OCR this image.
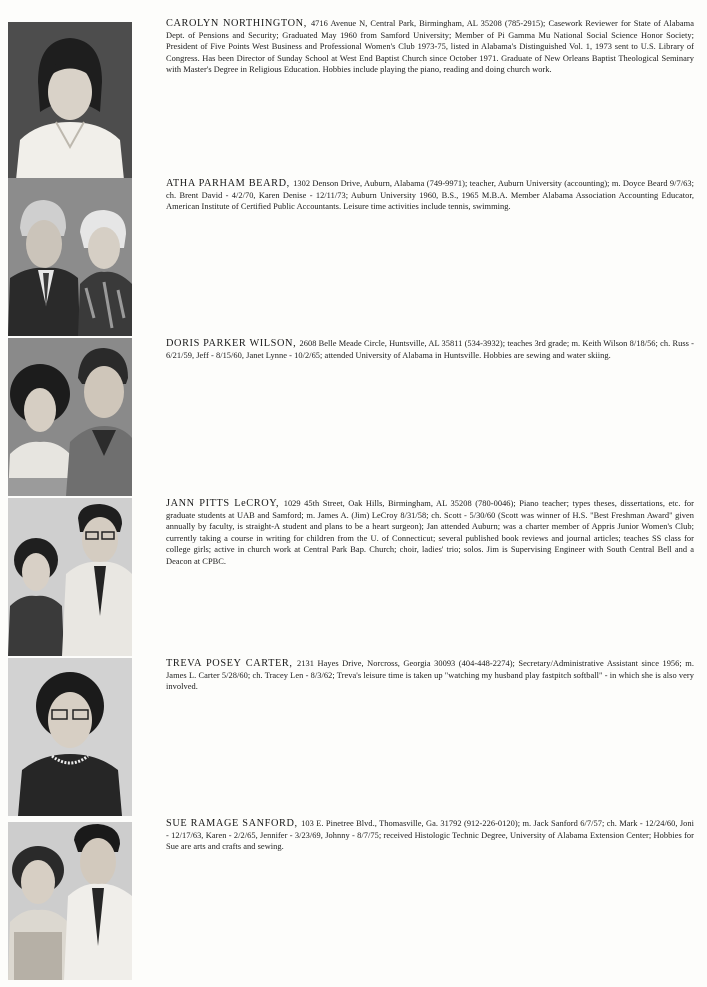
CAROLYN NORTHINGTON, 4716 Avenue N, Central Park, Birmingham, AL 35208 (785-2915); Casework Reviewer for State of Alabama Dept. of Pensions and Security; Graduated May 1960 from Samford University; Member of Pi Gamma Mu National Social Science Honor Society; President of Five Points West Business and Professional Women's Club 1973-75, listed in Alabama's Distinguished Vol. 1, 1973 sent to U.S. Library of Congress. Has been Director of Sunday School at West End Baptist Church since October 1971. Graduate of New Orleans Baptist Theological Seminary with Master's Degree in Religious Education. Hobbies include playing the piano, reading and doing church work.
ATHA PARHAM BEARD, 1302 Denson Drive, Auburn, Alabama (749-9971); teacher, Auburn University (accounting); m. Doyce Beard 9/7/63; ch. Brent David - 4/2/70, Karen Denise - 12/11/73; Auburn University 1960, B.S., 1965 M.B.A. Member Alabama Association Accounting Educator, American Institute of Certified Public Accountants. Leisure time activities include tennis, swimming.
DORIS PARKER WILSON, 2608 Belle Meade Circle, Huntsville, AL 35811 (534-3932); teaches 3rd grade; m. Keith Wilson 8/18/56; ch. Russ - 6/21/59, Jeff - 8/15/60, Janet Lynne - 10/2/65; attended University of Alabama in Huntsville. Hobbies are sewing and water skiing.
JANN PITTS LeCROY, 1029 45th Street, Oak Hills, Birmingham, AL 35208 (780-0046); Piano teacher; types theses, dissertations, etc. for graduate students at UAB and Samford; m. James A. (Jim) LeCroy 8/31/58; ch. Scott - 5/30/60 (Scott was winner of H.S. "Best Freshman Award" given annually by faculty, is straight-A student and plans to be a heart surgeon); Jan attended Auburn; was a charter member of Appris Junior Women's Club; currently taking a course in writing for children from the U. of Connecticut; several published book reviews and journal articles; teaches SS class for college girls; active in church work at Central Park Bap. Church; choir, ladies' trio; solos. Jim is Supervising Engineer with South Central Bell and a Deacon at CPBC.
TREVA POSEY CARTER, 2131 Hayes Drive, Norcross, Georgia 30093 (404-448-2274); Secretary/Administrative Assistant since 1956; m. James L. Carter 5/28/60; ch. Tracey Len - 8/3/62; Treva's leisure time is taken up "watching my husband play fastpitch softball" - in which she is also very involved.
SUE RAMAGE SANFORD, 103 E. Pinetree Blvd., Thomasville, Ga. 31792 (912-226-0120); m. Jack Sanford 6/7/57; ch. Mark - 12/24/60, Joni - 12/17/63, Karen - 2/2/65, Jennifer - 3/23/69, Johnny - 8/7/75; received Histologic Technic Degree, University of Alabama Extension Center; Hobbies for Sue are arts and crafts and sewing.
